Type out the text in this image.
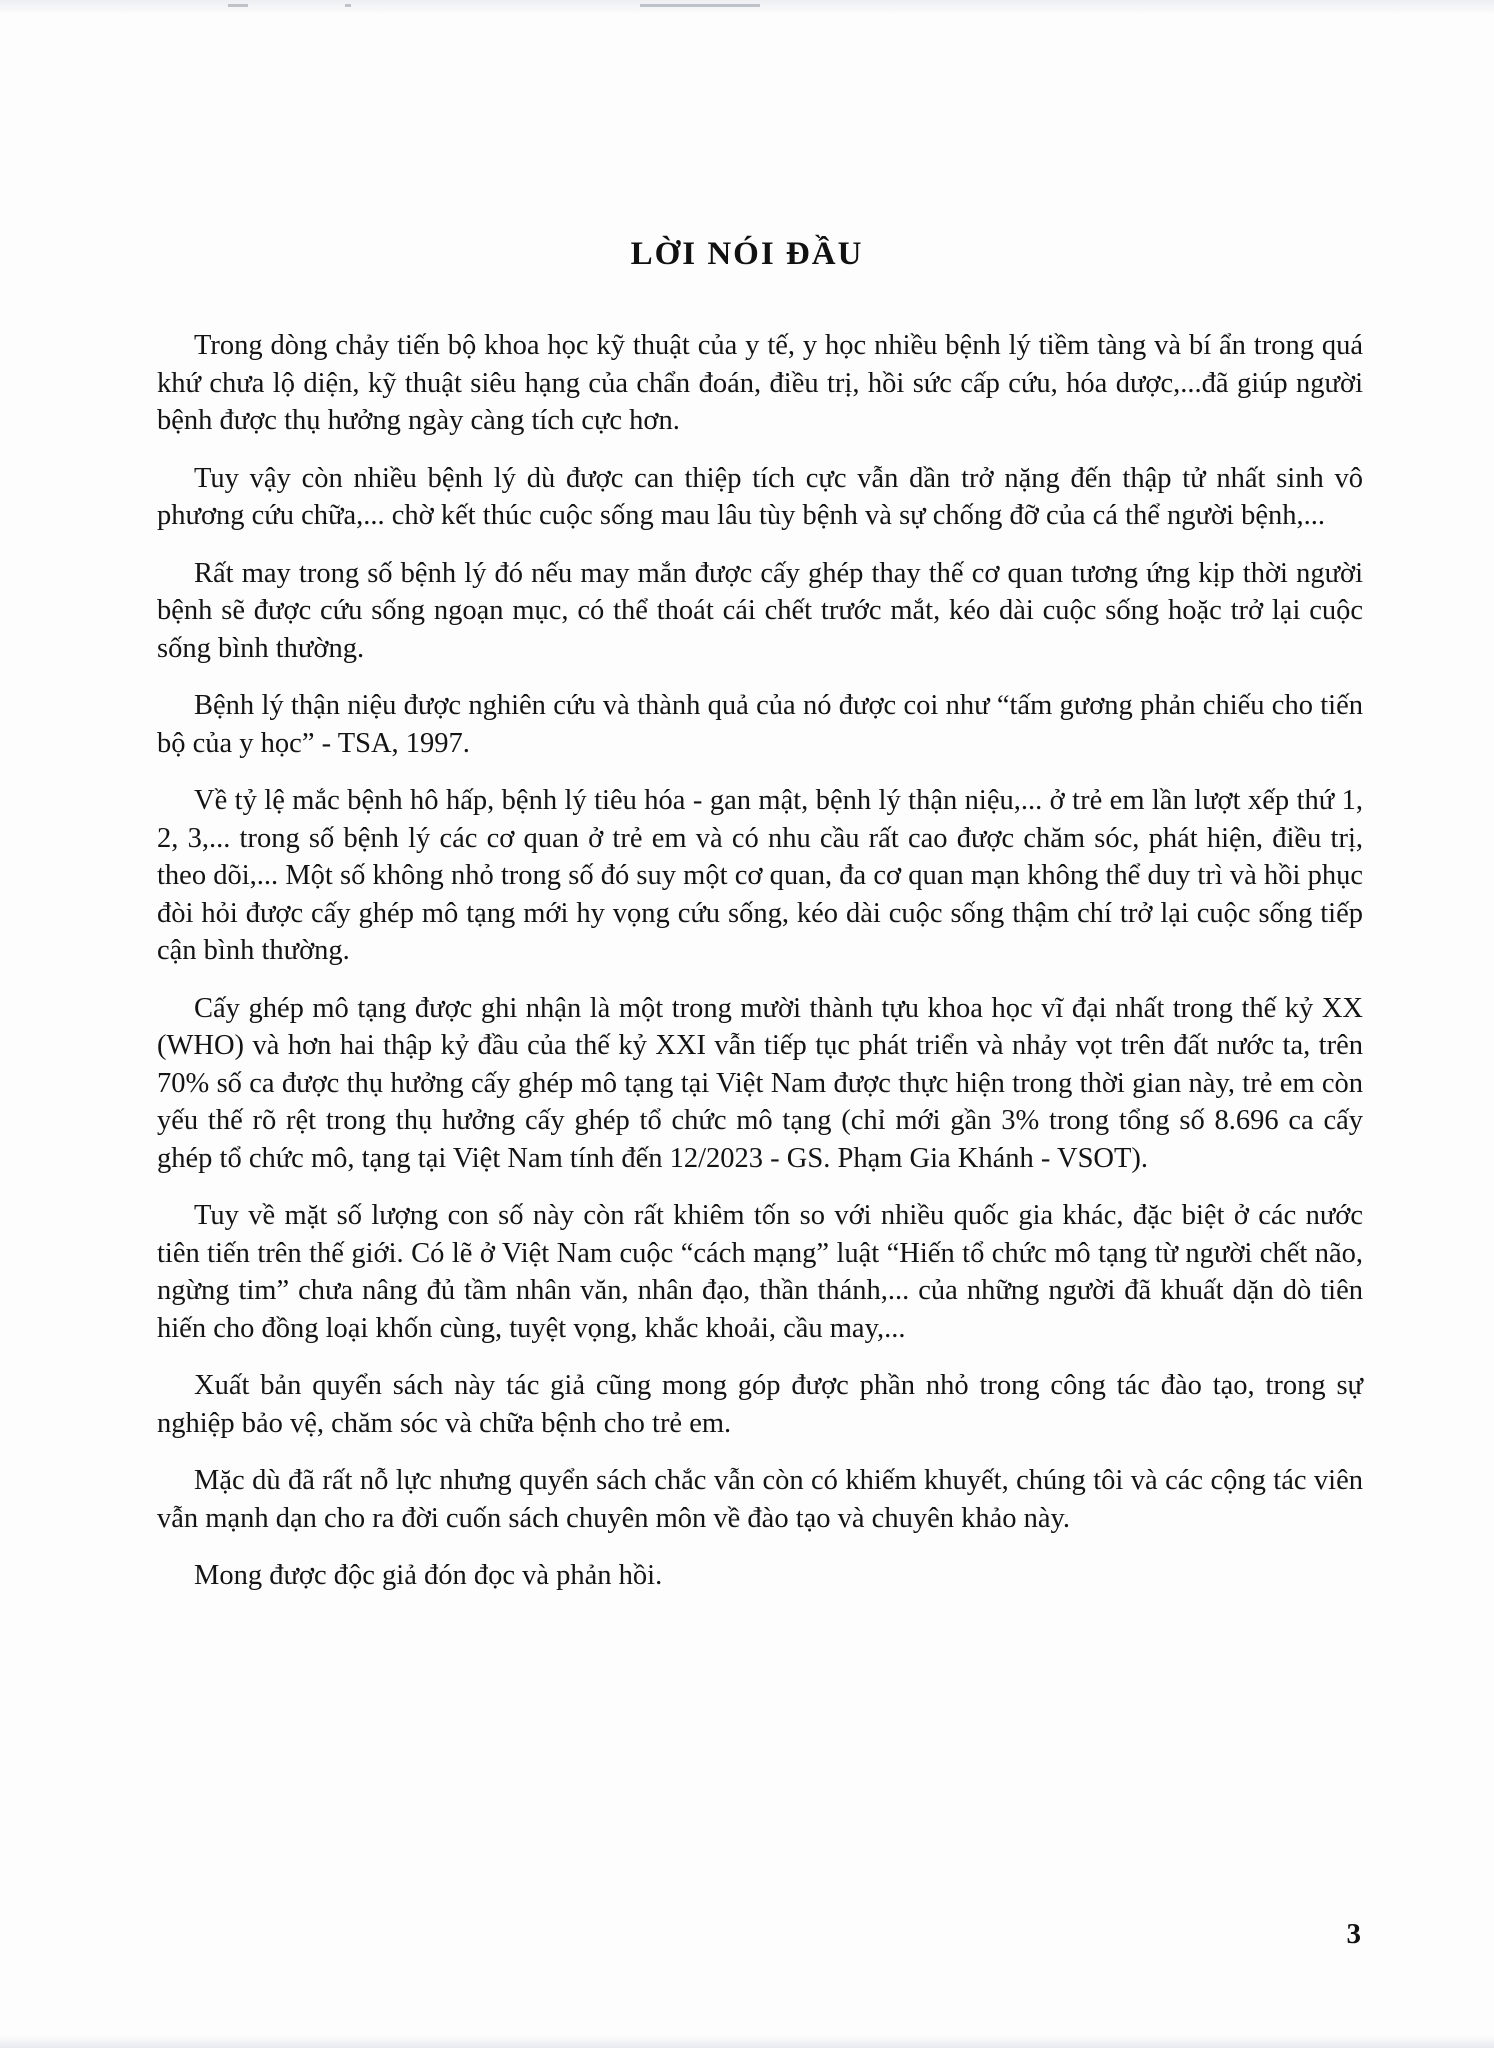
LỜI NÓI ĐẦU

Trong dòng chảy tiến bộ khoa học kỹ thuật của y tế, y học nhiều bệnh lý tiềm tàng và bí ẩn trong quá khứ chưa lộ diện, kỹ thuật siêu hạng của chẩn đoán, điều trị, hồi sức cấp cứu, hóa dược,...đã giúp người bệnh được thụ hưởng ngày càng tích cực hơn.

Tuy vậy còn nhiều bệnh lý dù được can thiệp tích cực vẫn dần trở nặng đến thập tử nhất sinh vô phương cứu chữa,... chờ kết thúc cuộc sống mau lâu tùy bệnh và sự chống đỡ của cá thể người bệnh,...

Rất may trong số bệnh lý đó nếu may mắn được cấy ghép thay thế cơ quan tương ứng kịp thời người bệnh sẽ được cứu sống ngoạn mục, có thể thoát cái chết trước mắt, kéo dài cuộc sống hoặc trở lại cuộc sống bình thường.

Bệnh lý thận niệu được nghiên cứu và thành quả của nó được coi như “tấm gương phản chiếu cho tiến bộ của y học” - TSA, 1997.

Về tỷ lệ mắc bệnh hô hấp, bệnh lý tiêu hóa - gan mật, bệnh lý thận niệu,... ở trẻ em lần lượt xếp thứ 1, 2, 3,... trong số bệnh lý các cơ quan ở trẻ em và có nhu cầu rất cao được chăm sóc, phát hiện, điều trị, theo dõi,... Một số không nhỏ trong số đó suy một cơ quan, đa cơ quan mạn không thể duy trì và hồi phục đòi hỏi được cấy ghép mô tạng mới hy vọng cứu sống, kéo dài cuộc sống thậm chí trở lại cuộc sống tiếp cận bình thường.

Cấy ghép mô tạng được ghi nhận là một trong mười thành tựu khoa học vĩ đại nhất trong thế kỷ XX (WHO) và hơn hai thập kỷ đầu của thế kỷ XXI vẫn tiếp tục phát triển và nhảy vọt trên đất nước ta, trên 70% số ca được thụ hưởng cấy ghép mô tạng tại Việt Nam được thực hiện trong thời gian này, trẻ em còn yếu thế rõ rệt trong thụ hưởng cấy ghép tổ chức mô tạng (chỉ mới gần 3% trong tổng số 8.696 ca cấy ghép tổ chức mô, tạng tại Việt Nam tính đến 12/2023 - GS. Phạm Gia Khánh - VSOT).

Tuy về mặt số lượng con số này còn rất khiêm tốn so với nhiều quốc gia khác, đặc biệt ở các nước tiên tiến trên thế giới. Có lẽ ở Việt Nam cuộc “cách mạng” luật “Hiến tổ chức mô tạng từ người chết não, ngừng tim” chưa nâng đủ tầm nhân văn, nhân đạo, thần thánh,... của những người đã khuất dặn dò tiên hiến cho đồng loại khốn cùng, tuyệt vọng, khắc khoải, cầu may,...

Xuất bản quyển sách này tác giả cũng mong góp được phần nhỏ trong công tác đào tạo, trong sự nghiệp bảo vệ, chăm sóc và chữa bệnh cho trẻ em.

Mặc dù đã rất nỗ lực nhưng quyển sách chắc vẫn còn có khiếm khuyết, chúng tôi và các cộng tác viên vẫn mạnh dạn cho ra đời cuốn sách chuyên môn về đào tạo và chuyên khảo này.

Mong được độc giả đón đọc và phản hồi.

3
